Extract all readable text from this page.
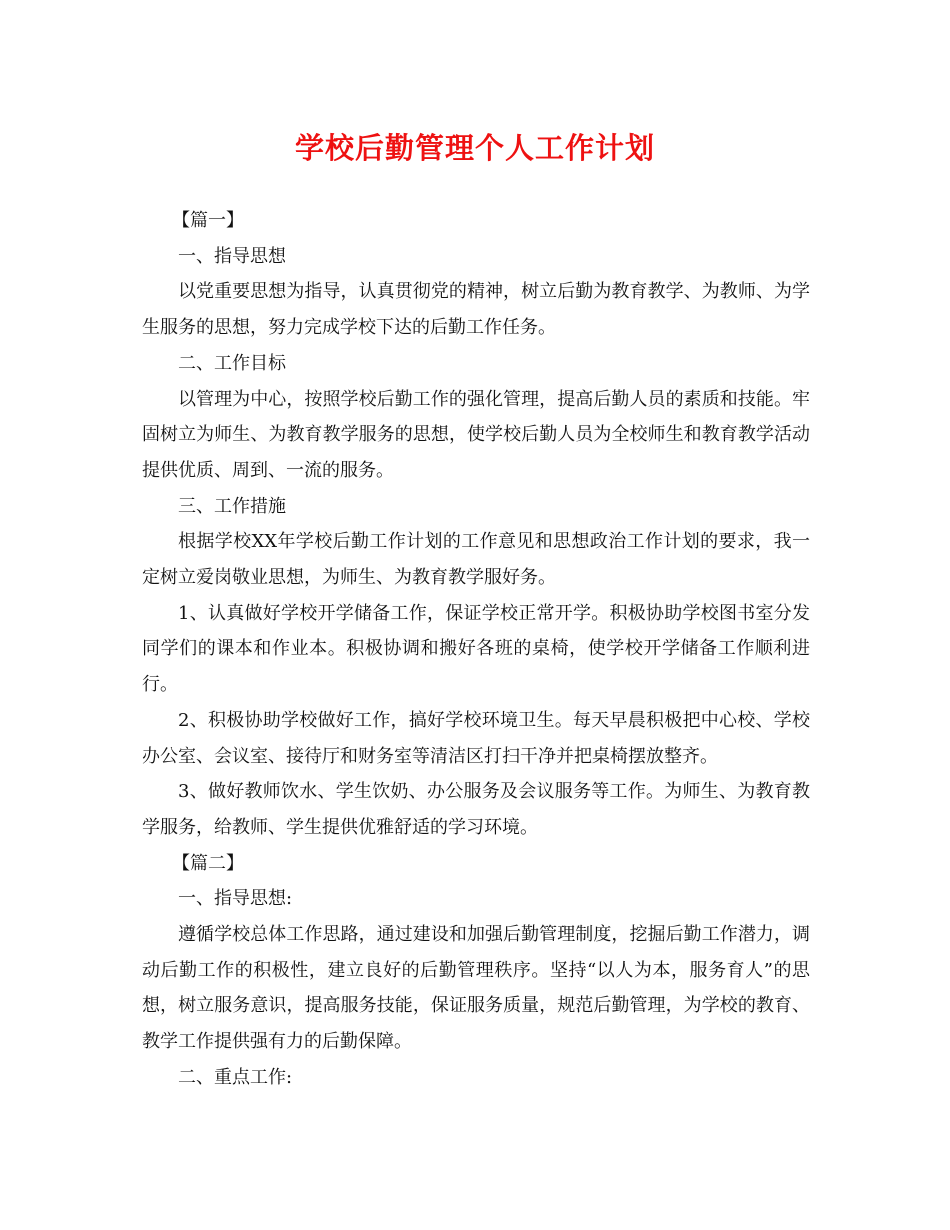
学校后勤管理个人工作计划

【篇一】

一、指导思想

以党重要思想为指导，认真贯彻党的精神，树立后勤为教育教学、为教师、为学生服务的思想，努力完成学校下达的后勤工作任务。

二、工作目标

以管理为中心，按照学校后勤工作的强化管理，提高后勤人员的素质和技能。牢固树立为师生、为教育教学服务的思想，使学校后勤人员为全校师生和教育教学活动提供优质、周到、一流的服务。

三、工作措施

根据学校XX年学校后勤工作计划的工作意见和思想政治工作计划的要求，我一定树立爱岗敬业思想，为师生、为教育教学服好务。

1、认真做好学校开学储备工作，保证学校正常开学。积极协助学校图书室分发同学们的课本和作业本。积极协调和搬好各班的桌椅，使学校开学储备工作顺利进行。

2、积极协助学校做好工作，搞好学校环境卫生。每天早晨积极把中心校、学校办公室、会议室、接待厅和财务室等清洁区打扫干净并把桌椅摆放整齐。

3、做好教师饮水、学生饮奶、办公服务及会议服务等工作。为师生、为教育教学服务，给教师、学生提供优雅舒适的学习环境。

【篇二】

一、指导思想:

遵循学校总体工作思路，通过建设和加强后勤管理制度，挖掘后勤工作潜力，调动后勤工作的积极性，建立良好的后勤管理秩序。坚持“以人为本，服务育人”的思想，树立服务意识，提高服务技能，保证服务质量，规范后勤管理，为学校的教育、教学工作提供强有力的后勤保障。

二、重点工作:
